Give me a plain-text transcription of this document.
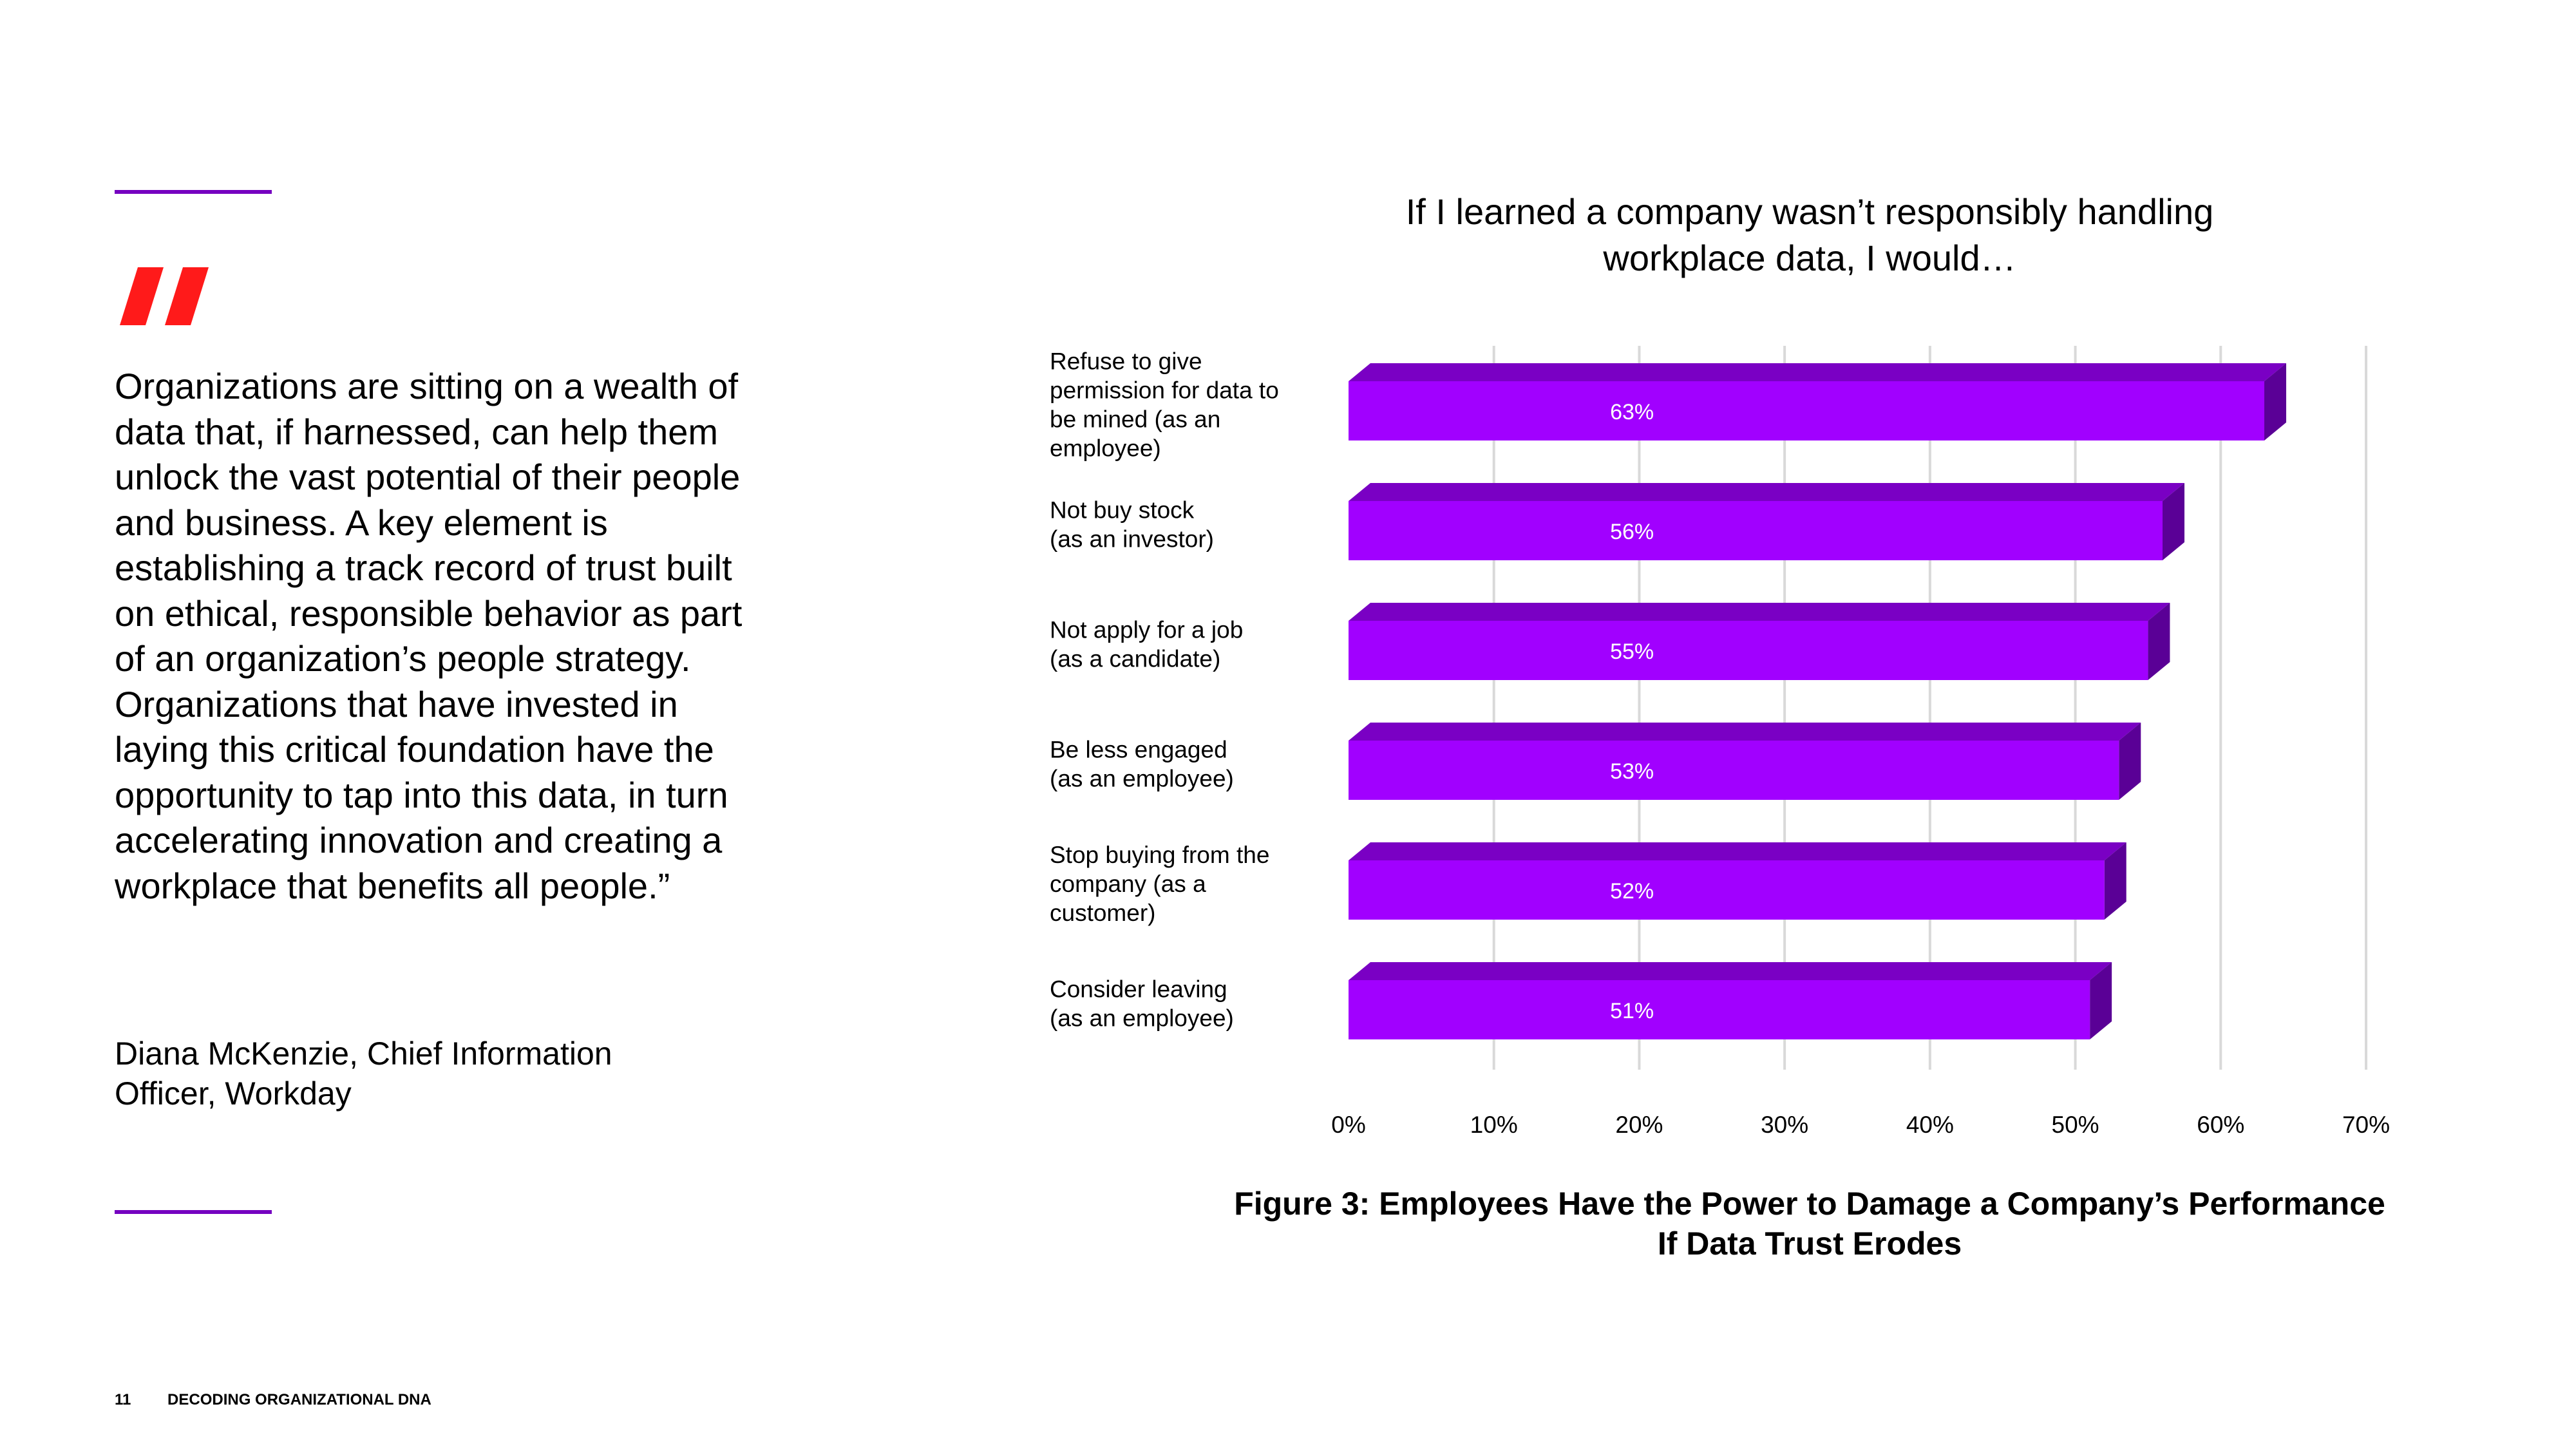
Organizations are sitting on a wealth of data that, if harnessed, can help them unlock the vast potential of their people and business. A key element is establishing a track record of trust built on ethical, responsible behavior as part of an organization’s people strategy. Organizations that have invested in laying this critical foundation have the opportunity to tap into this data, in turn accelerating innovation and creating a workplace that benefits all people.”

Diana McKenzie, Chief Information Officer, Workday

If I learned a company wasn’t responsibly handling
workplace data, I would…
63%
56%
55%
53%
52%
51%
Refuse to give permission for data to be mined (as an employee)
Not buy stock (as an investor)
Not apply for a job (as a candidate)
Be less engaged (as an employee)
Stop buying from the company (as a customer)
Consider leaving (as an employee)
0%	10%	20%	30%	40%	50%	60%	70%

Figure 3: Employees Have the Power to Damage a Company’s Performance
If Data Trust Erodes

11 DECODING ORGANIZATIONAL DNA
